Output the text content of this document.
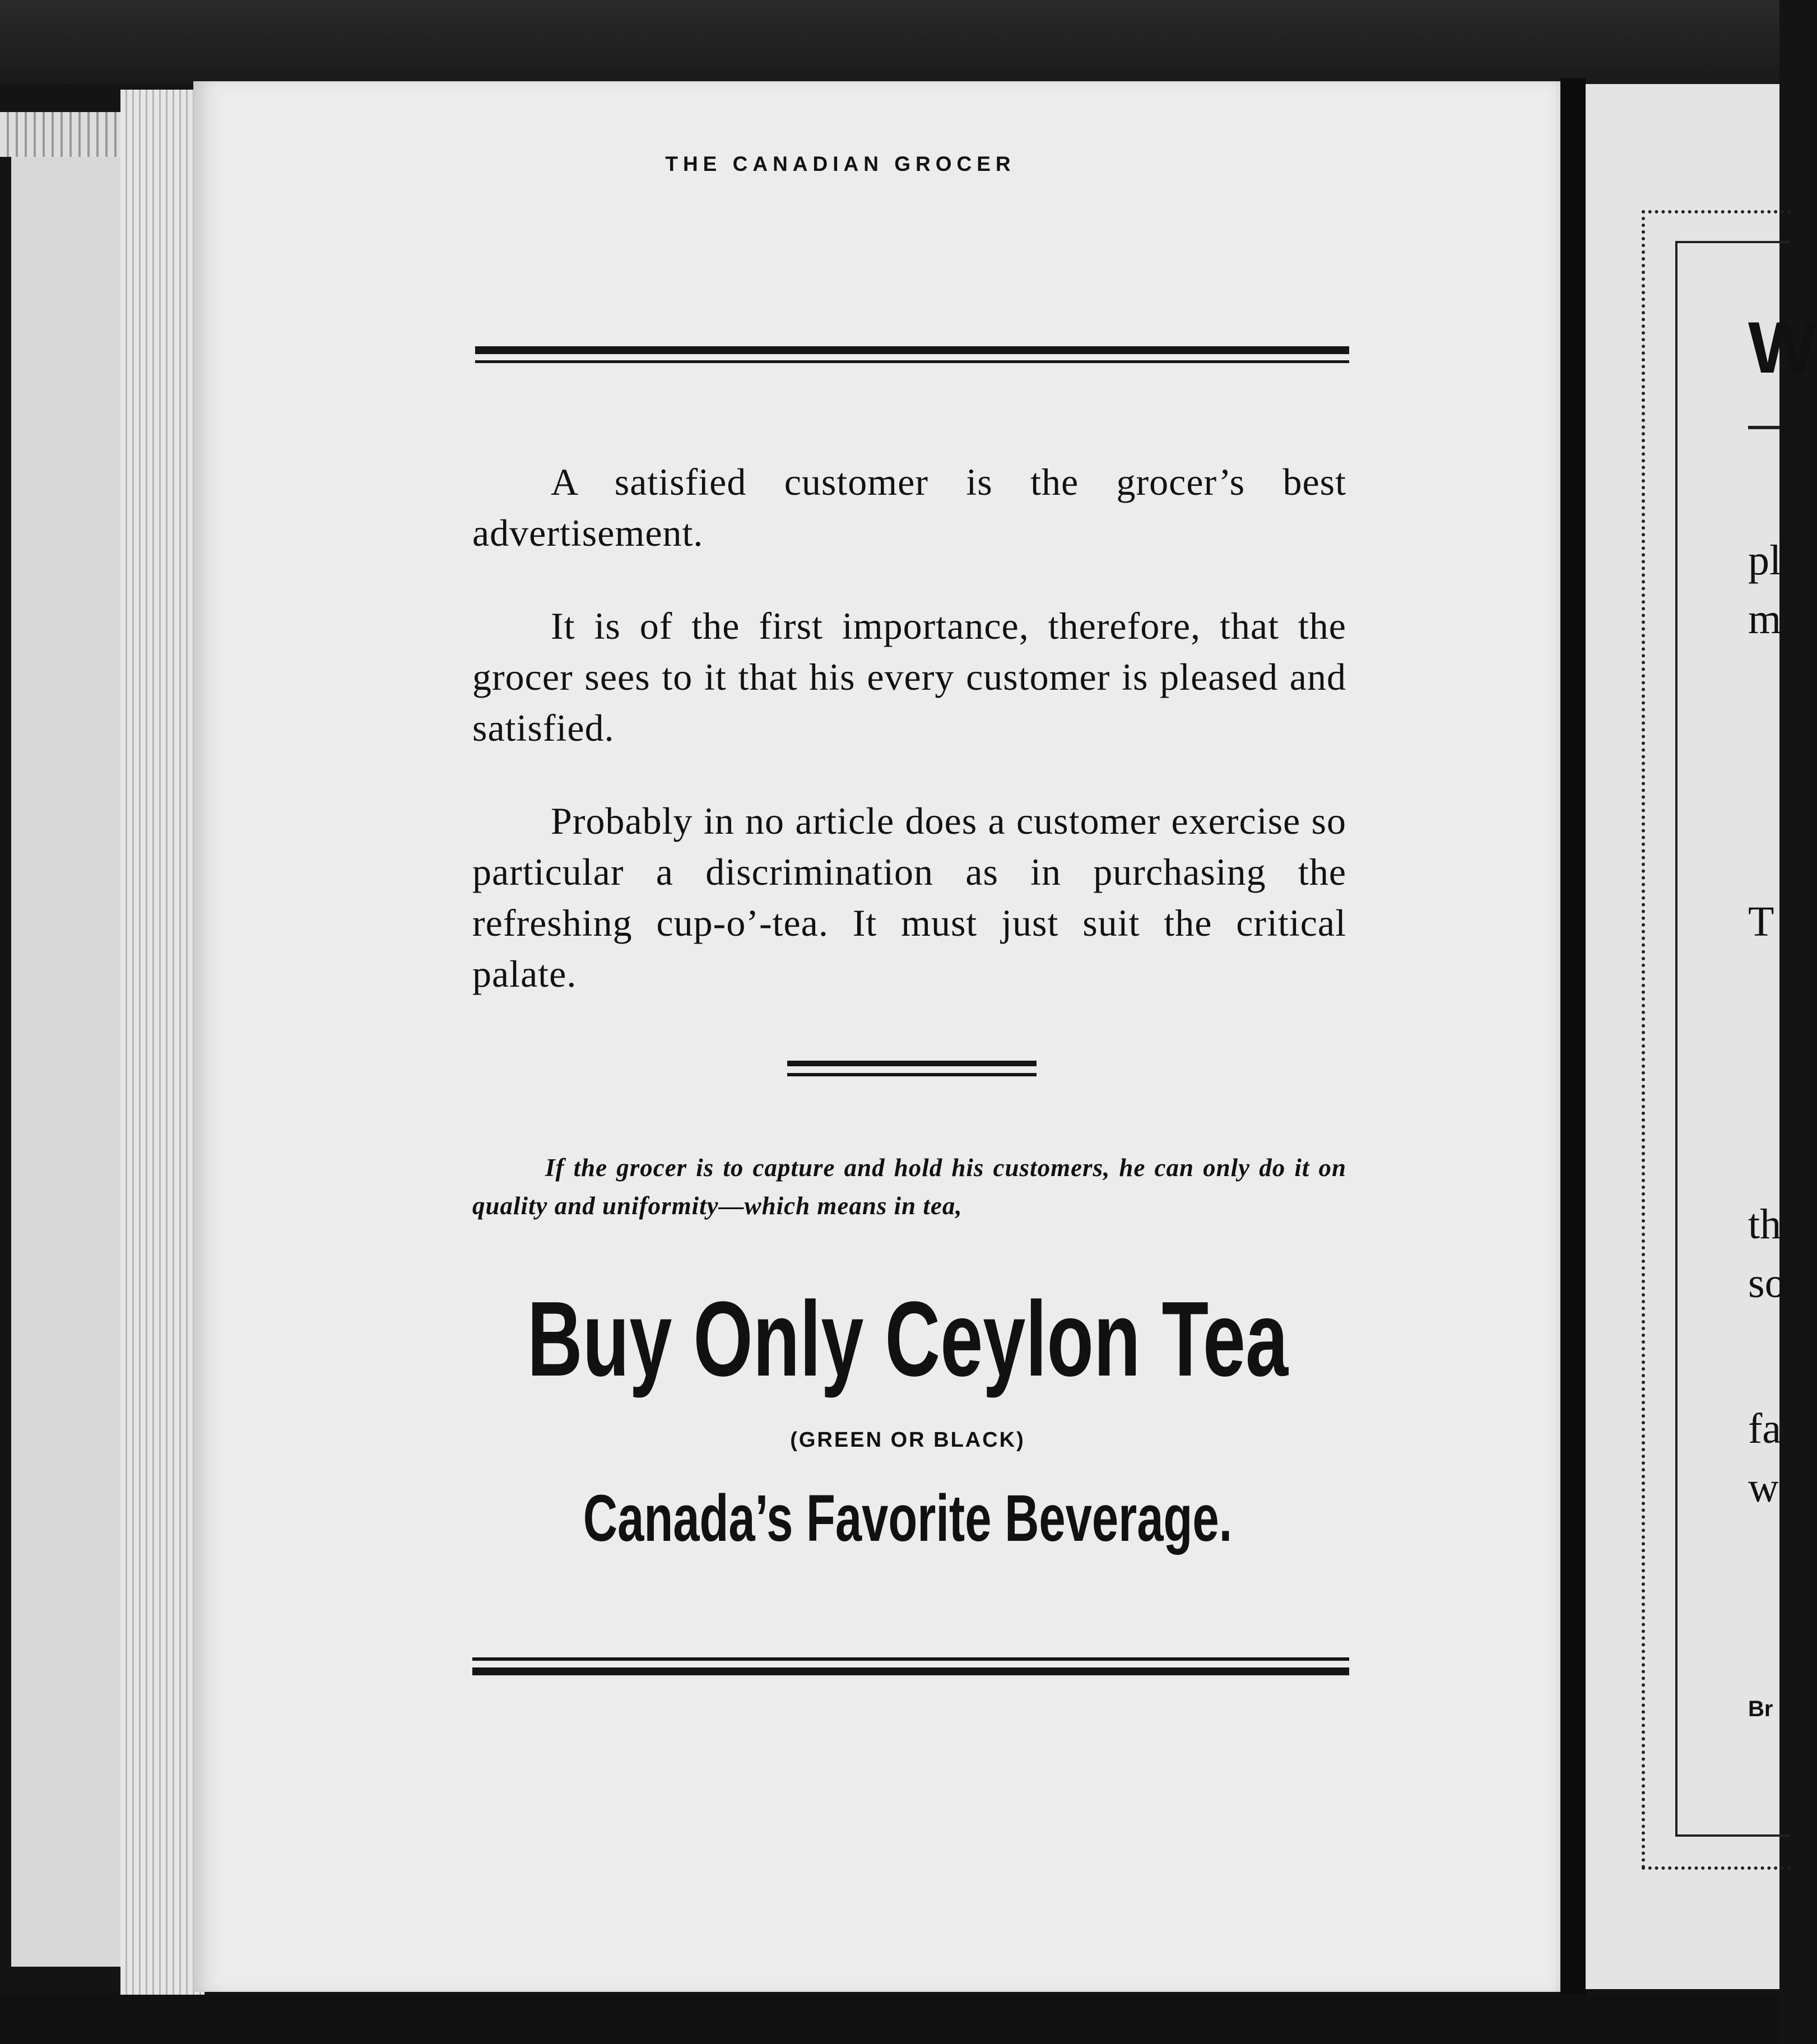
THE CANADIAN GROCER

A satisfied customer is the grocer’s best advertisement.

It is of the first importance, therefore, that the grocer sees to it that his every customer is pleased and satisfied.

Probably in no article does a customer exercise so particular a discrimination as in purchasing the refreshing cup-o’-tea. It must just suit the critical palate.

If the grocer is to capture and hold his customers, he can only do it on quality and uniformity—which means in tea,

Buy Only Ceylon Tea

(GREEN OR BLACK)

Canada’s Favorite Beverage.

W

pl

m

T

th

so

fa

w

Br
